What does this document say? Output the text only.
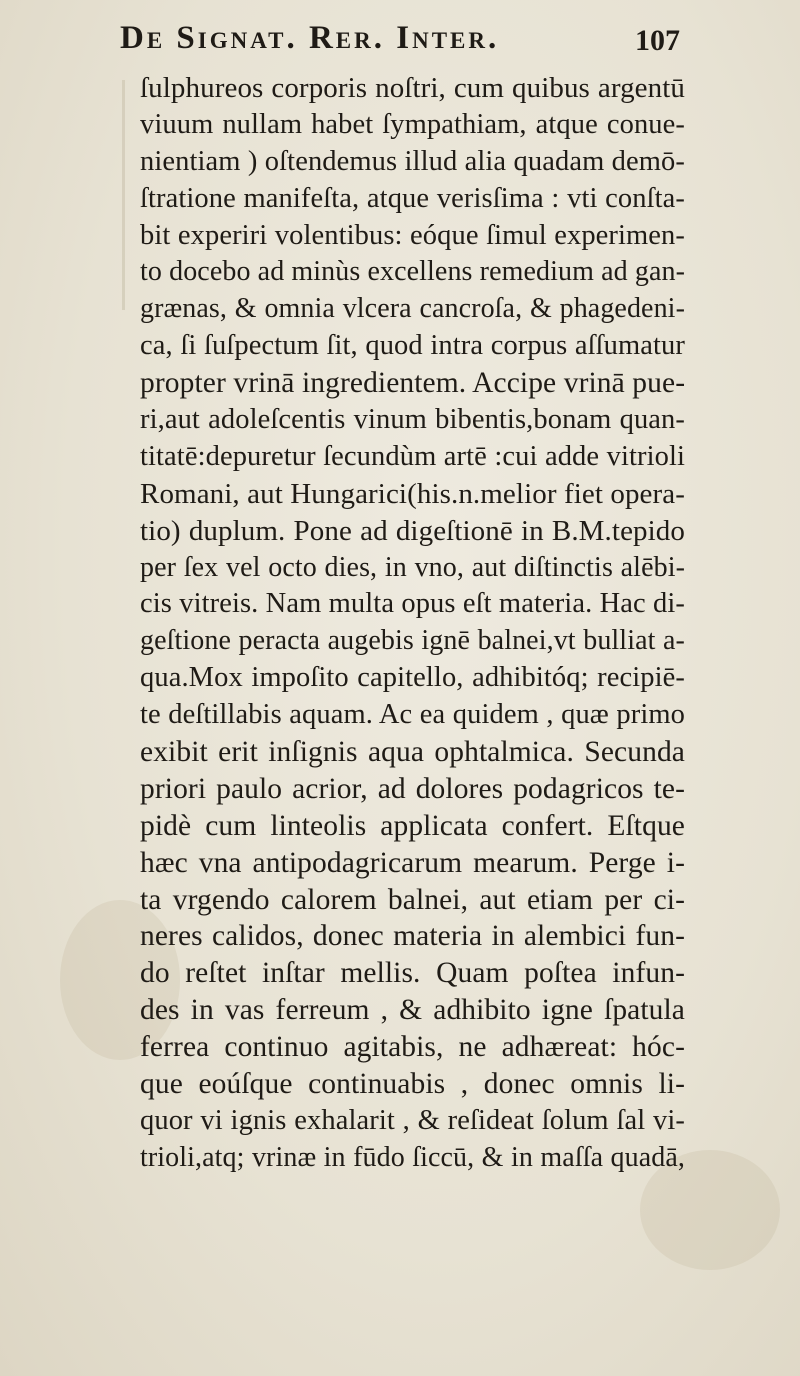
De Signat. Rer. Inter.	107
ſulphureos corporis noſtri, cum quibus argentū
viuum nullam habet ſympathiam, atque conue-
nientiam ) oſtendemus illud alia quadam demō-
ſtratione manifeſta, atque verisſima : vti conſta-
bit experiri volentibus: eóque ſimul experimen-
to docebo ad minùs excellens remedium ad gan-
grænas, & omnia vlcera cancroſa, & phagedeni-
ca, ſi ſuſpectum ſit, quod intra corpus aſſumatur
propter vrinā ingredientem. Accipe vrinā pue-
ri,aut adoleſcentis vinum bibentis,bonam quan-
titatē:depuretur ſecundùm artē :cui adde vitrioli
Romani, aut Hungarici(his.n.melior fiet opera-
tio) duplum. Pone ad digeſtionē in B.M.tepido
per ſex vel octo dies, in vno, aut diſtinctis alēbi-
cis vitreis. Nam multa opus eſt materia. Hac di-
geſtione peracta augebis ignē balnei,vt bulliat a-
qua.Mox impoſito capitello, adhibitóq; recipiē-
te deſtillabis aquam. Ac ea quidem , quæ primo
exibit erit inſignis aqua ophtalmica. Secunda
priori paulo acrior, ad dolores podagricos te-
pidè cum linteolis applicata confert. Eſtque
hæc vna antipodagricarum mearum. Perge i-
ta vrgendo calorem balnei, aut etiam per ci-
neres calidos, donec materia in alembici fun-
do reſtet inſtar mellis. Quam poſtea infun-
des in vas ferreum , & adhibito igne ſpatula
ferrea continuo agitabis, ne adhæreat: hóc-
que eoúſque continuabis , donec omnis li-
quor vi ignis exhalarit , & reſideat ſolum ſal vi-
trioli,atq; vrinæ in fūdo ſiccū, & in maſſa quadā,
